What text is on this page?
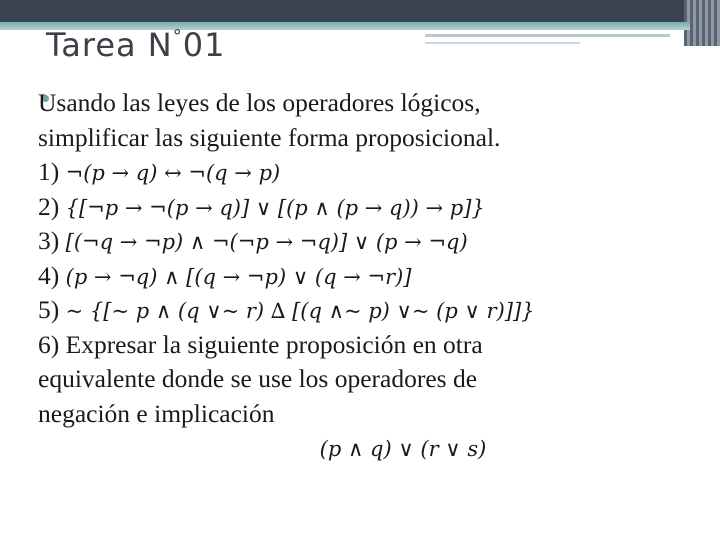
Tarea N°01
Usando las leyes de los operadores lógicos,
simplificar las siguiente forma proposicional.
1) ¬(p → q) ↔ ¬(q → p)
2) {[¬p → ¬(p → q)] ∨ [(p ∧ (p → q)) → p]}
3) [(¬q → ¬p) ∧ ¬(¬p → ¬q)] ∨ (p → ¬q)
4) (p → ¬q) ∧ [(q → ¬p) ∨ (q → ¬r)]
5) ~ {[~ p ∧ (q ∨~ r) ∆ [(q ∧~ p) ∨~ (p ∨ r)]]}
6) Expresar la siguiente proposición en otra
equivalente donde se use los operadores de
negación e implicación
(p ∧ q) ∨ (r ∨ s)
